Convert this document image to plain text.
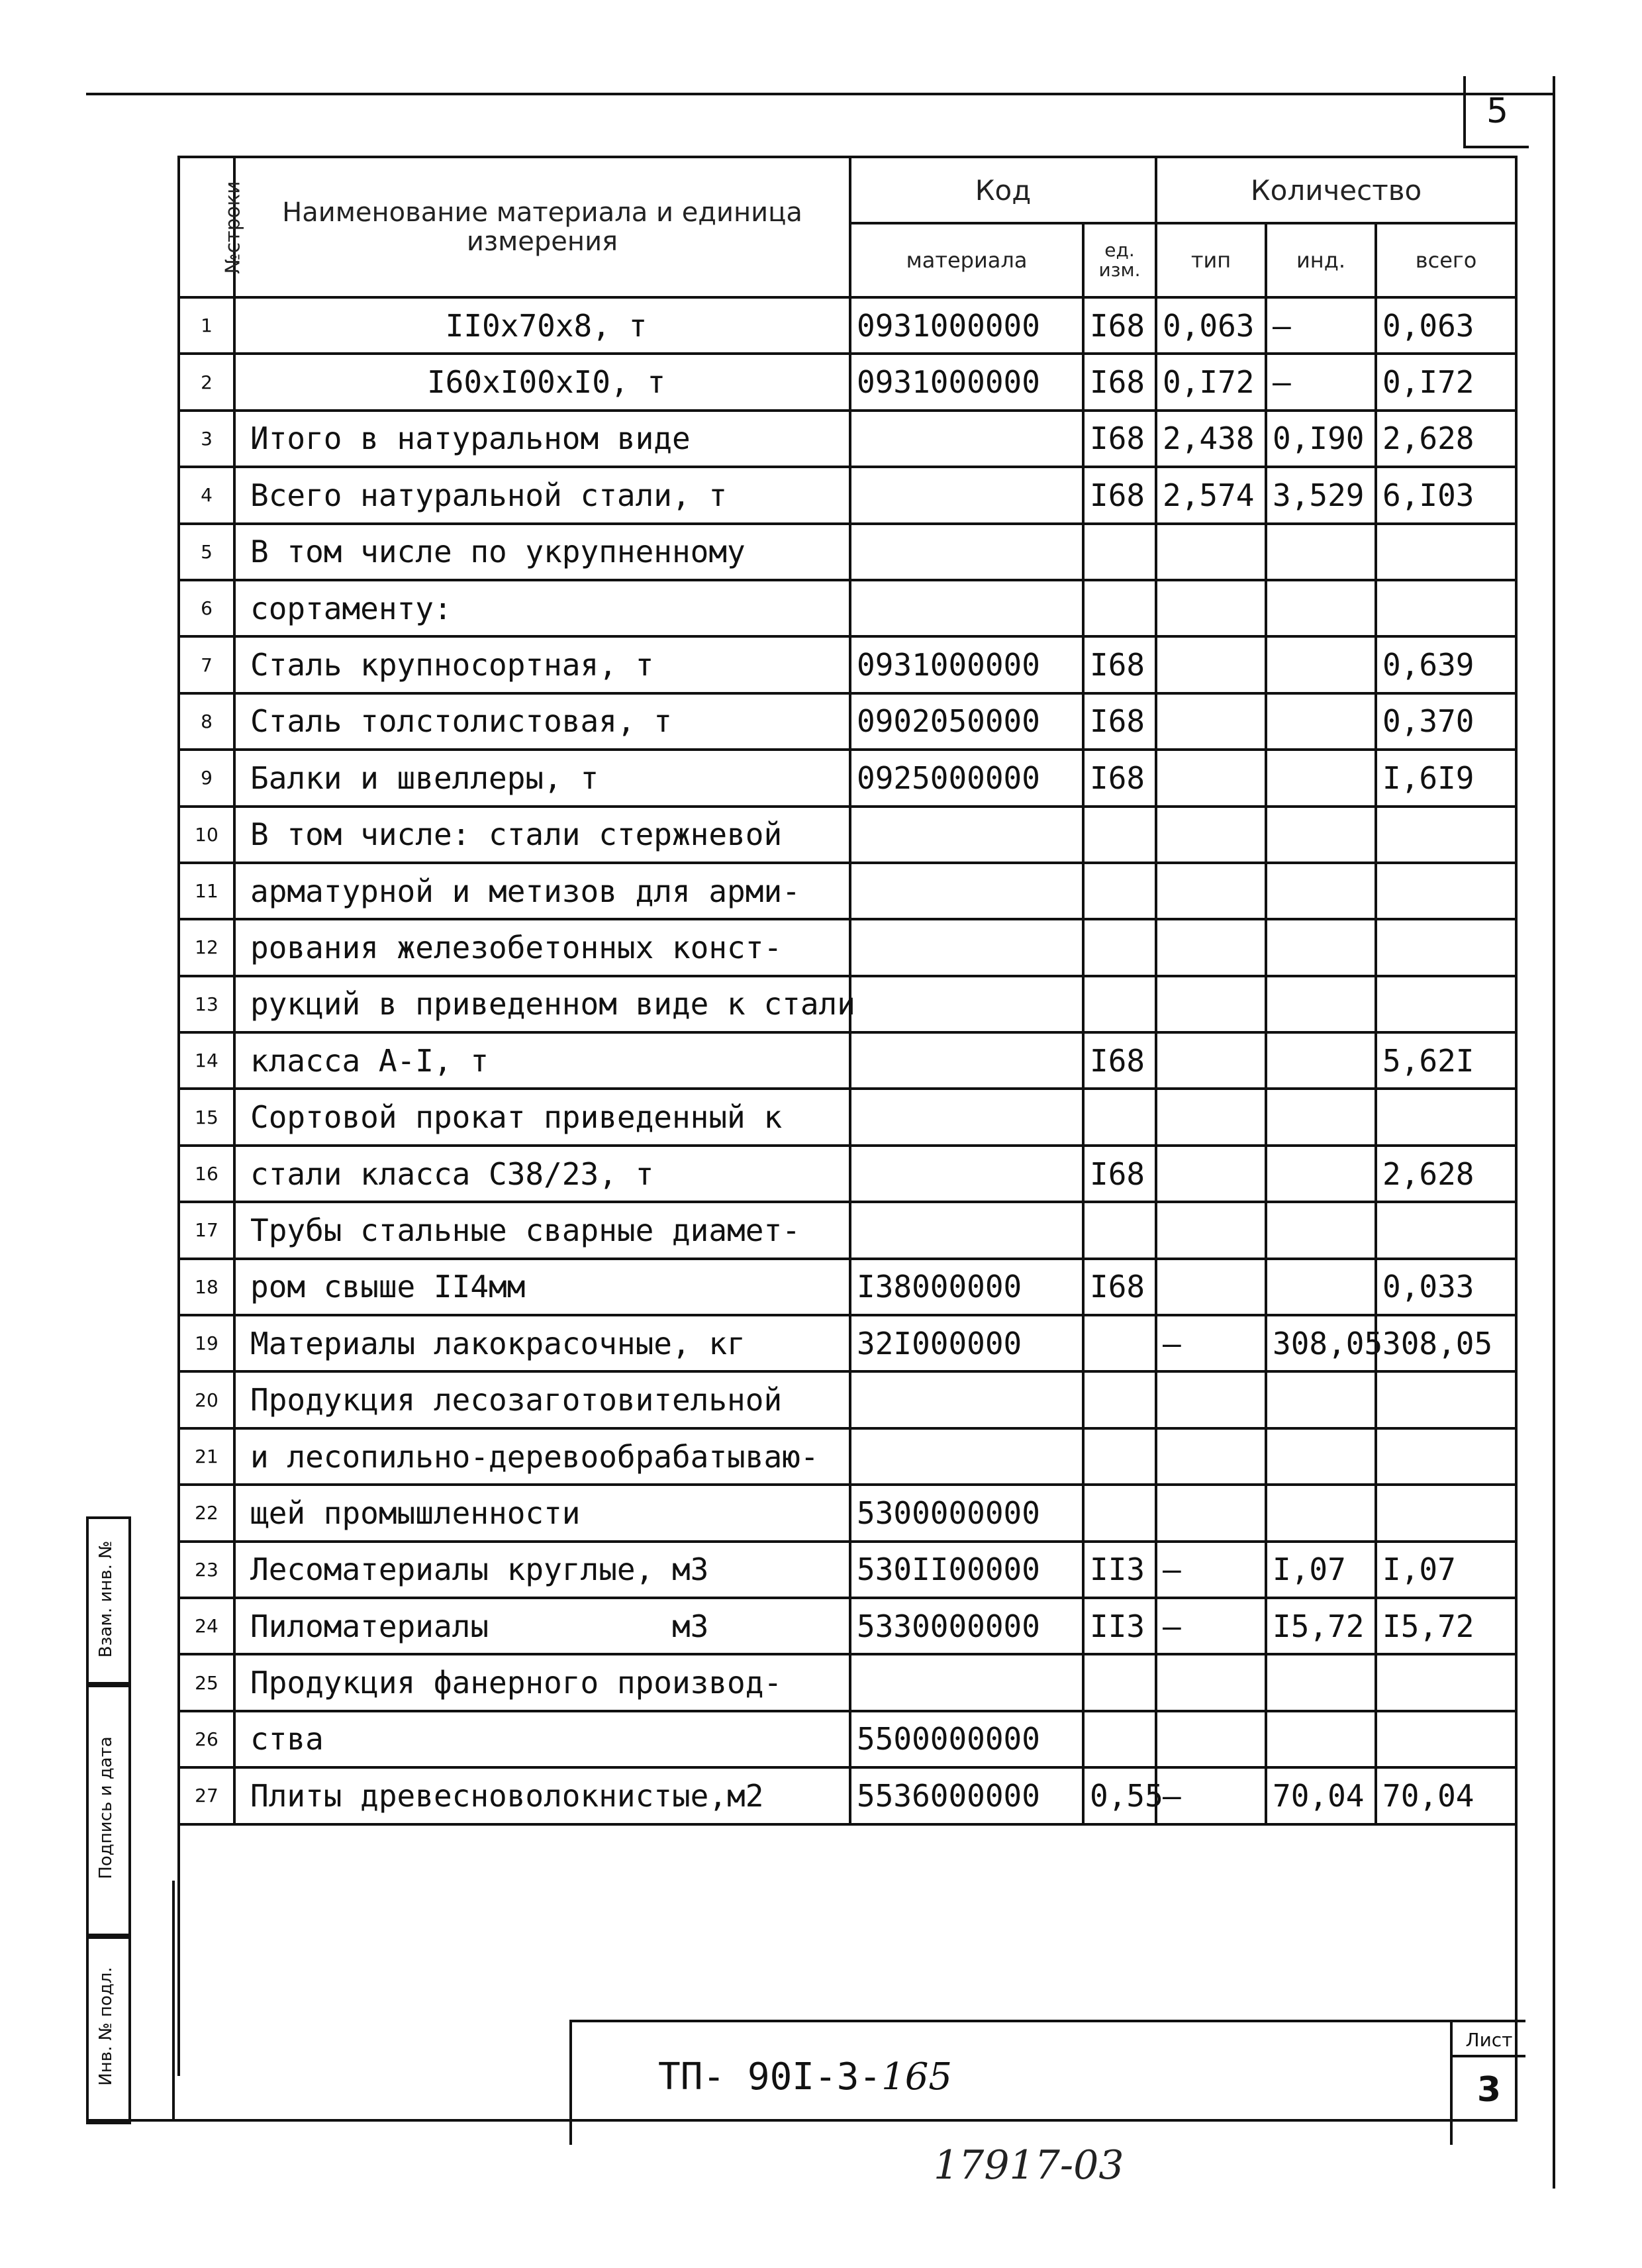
5
№строки	Наименование материала и единица измерения	Код		Количество		
		материала	ед. изм.	тип	инд.	всего
1	II0x70x8, т	0931000000	I68	0,063	–	0,063
2	I60xI00xI0, т	0931000000	I68	0,I72	–	0,I72
3	Итого в натуральном виде		I68	2,438	0,I90	2,628
4	Всего натуральной стали, т		I68	2,574	3,529	6,I03
5	В том числе по укрупненному					
6	сортаменту:					
7	Сталь крупносортная, т	0931000000	I68			0,639
8	Сталь толстолистовая, т	0902050000	I68			0,370
9	Балки и швеллеры, т	0925000000	I68			I,6I9
10	В том числе: стали стержневой					
11	арматурной и метизов для арми-					
12	рования железобетонных конст-					
13	рукций в приведенном виде к стали					
14	класса А-I, т		I68			5,62I
15	Сортовой прокат приведенный к					
16	стали класса С38/23, т		I68			2,628
17	Трубы стальные сварные диамет-					
18	ром свыше II4мм	I38000000	I68			0,033
19	Материалы лакокрасочные, кг	32I000000		–	308,05	308,05
20	Продукция лесозаготовительной					
21	и лесопильно-деревообрабатываю-					
22	щей промышленности	5300000000				
23	Лесоматериалы круглые, м3	530II00000	II3	–	I,07	I,07
24	Пиломатериалы          м3	5330000000	II3	–	I5,72	I5,72
25	Продукция фанерного производ-					
26	ства	5500000000				
27	Плиты древесноволокнистые,м2	5536000000	0,55	–	70,04	70,04
Взам. инв. №
Подпись и дата
Инв. № подл.	ТП- 90I-3-165
Лист
3
17917-03
